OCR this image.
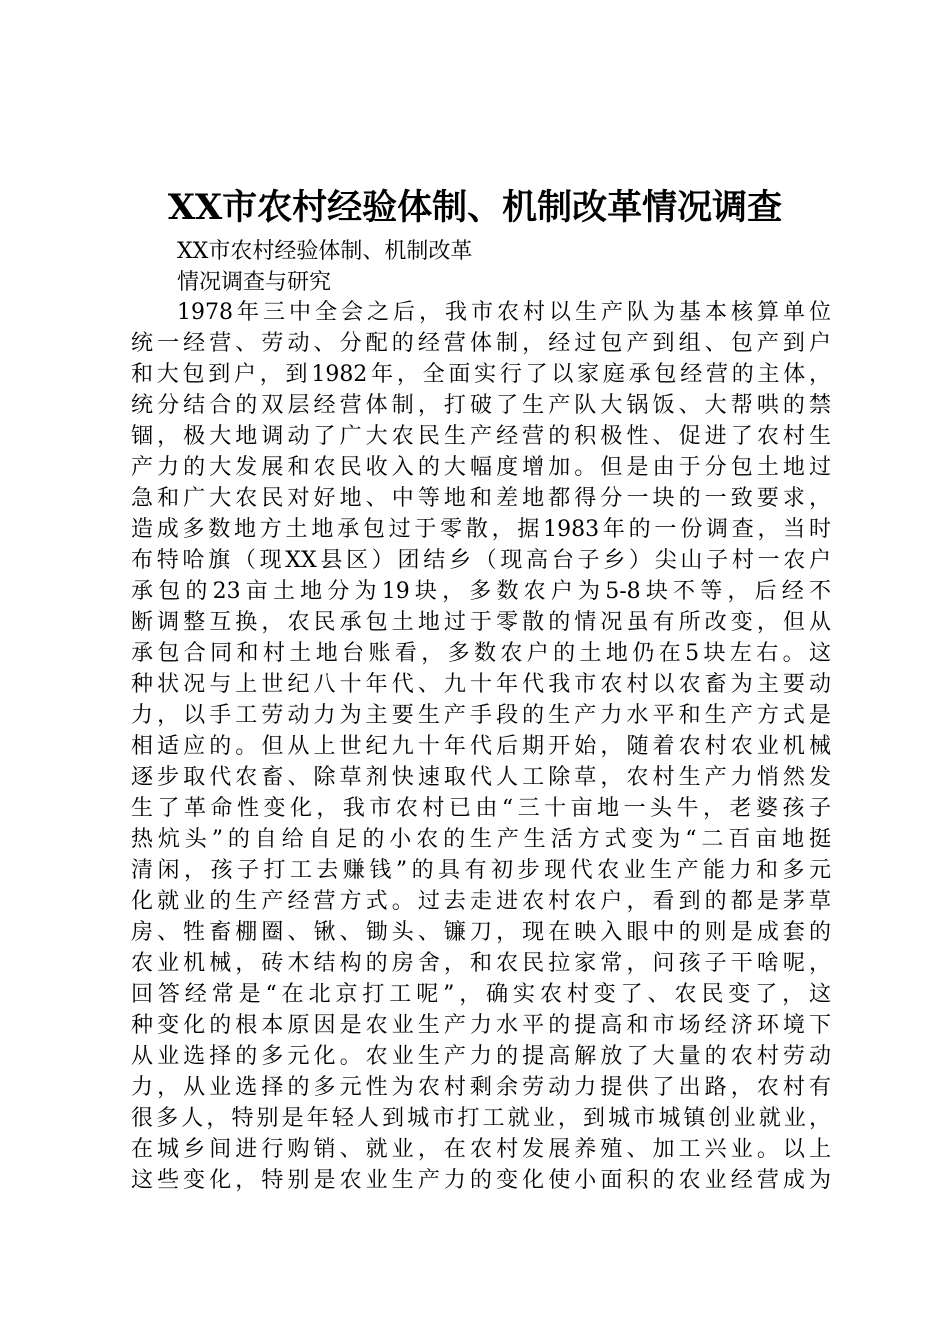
XX市农村经验体制、机制改革情况调查
XX市农村经验体制、机制改革
情况调查与研究
1978年三中全会之后，我市农村以生产队为基本核算单位
统一经营、劳动、分配的经营体制，经过包产到组、包产到户
和大包到户，到1982年，全面实行了以家庭承包经营的主体，
统分结合的双层经营体制，打破了生产队大锅饭、大帮哄的禁
锢，极大地调动了广大农民生产经营的积极性、促进了农村生
产力的大发展和农民收入的大幅度增加。但是由于分包土地过
急和广大农民对好地、中等地和差地都得分一块的一致要求，
造成多数地方土地承包过于零散，据1983年的一份调查，当时
布特哈旗（现XX县区）团结乡（现高台子乡）尖山子村一农户
承包的23亩土地分为19块，多数农户为5-8块不等，后经不
断调整互换，农民承包土地过于零散的情况虽有所改变，但从
承包合同和村土地台账看，多数农户的土地仍在5块左右。这
种状况与上世纪八十年代、九十年代我市农村以农畜为主要动
力，以手工劳动力为主要生产手段的生产力水平和生产方式是
相适应的。但从上世纪九十年代后期开始，随着农村农业机械
逐步取代农畜、除草剂快速取代人工除草，农村生产力悄然发
生了革命性变化，我市农村已由“三十亩地一头牛，老婆孩子
热炕头”的自给自足的小农的生产生活方式变为“二百亩地挺
清闲，孩子打工去赚钱”的具有初步现代农业生产能力和多元
化就业的生产经营方式。过去走进农村农户，看到的都是茅草
房、牲畜棚圈、锹、锄头、镰刀，现在映入眼中的则是成套的
农业机械，砖木结构的房舍，和农民拉家常，问孩子干啥呢，
回答经常是“在北京打工呢”，确实农村变了、农民变了，这
种变化的根本原因是农业生产力水平的提高和市场经济环境下
从业选择的多元化。农业生产力的提高解放了大量的农村劳动
力，从业选择的多元性为农村剩余劳动力提供了出路，农村有
很多人，特别是年轻人到城市打工就业，到城市城镇创业就业，
在城乡间进行购销、就业，在农村发展养殖、加工兴业。以上
这些变化，特别是农业生产力的变化使小面积的农业经营成为
